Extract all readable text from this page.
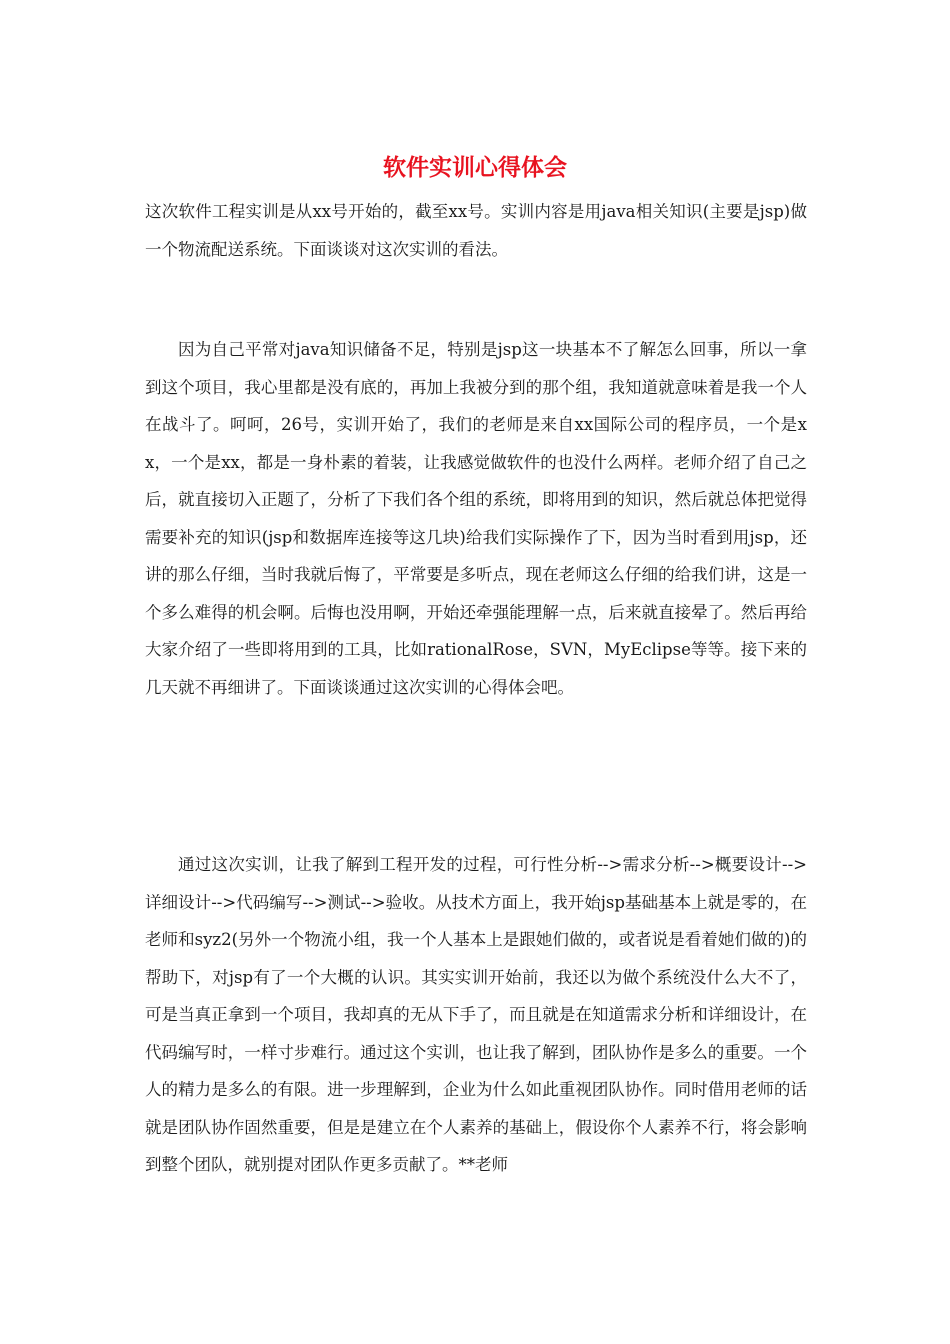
软件实训心得体会

这次软件工程实训是从xx号开始的，截至xx号。实训内容是用java相关知识(主要是jsp)做一个物流配送系统。下面谈谈对这次实训的看法。

因为自己平常对java知识储备不足，特别是jsp这一块基本不了解怎么回事，所以一拿到这个项目，我心里都是没有底的，再加上我被分到的那个组，我知道就意味着是我一个人在战斗了。呵呵，26号，实训开始了，我们的老师是来自xx国际公司的程序员，一个是xx，一个是xx，都是一身朴素的着装，让我感觉做软件的也没什么两样。老师介绍了自己之后，就直接切入正题了，分析了下我们各个组的系统，即将用到的知识，然后就总体把觉得需要补充的知识(jsp和数据库连接等这几块)给我们实际操作了下，因为当时看到用jsp，还讲的那么仔细，当时我就后悔了，平常要是多听点，现在老师这么仔细的给我们讲，这是一个多么难得的机会啊。后悔也没用啊，开始还牵强能理解一点，后来就直接晕了。然后再给大家介绍了一些即将用到的工具，比如rationalRose，SVN，MyEclipse等等。接下来的几天就不再细讲了。下面谈谈通过这次实训的心得体会吧。

通过这次实训，让我了解到工程开发的过程，可行性分析-->需求分析-->概要设计-->详细设计-->代码编写-->测试-->验收。从技术方面上，我开始jsp基础基本上就是零的，在老师和syz2(另外一个物流小组，我一个人基本上是跟她们做的，或者说是看着她们做的)的帮助下，对jsp有了一个大概的认识。其实实训开始前，我还以为做个系统没什么大不了，可是当真正拿到一个项目，我却真的无从下手了，而且就是在知道需求分析和详细设计，在代码编写时，一样寸步难行。通过这个实训，也让我了解到，团队协作是多么的重要。一个人的精力是多么的有限。进一步理解到，企业为什么如此重视团队协作。同时借用老师的话就是团队协作固然重要，但是是建立在个人素养的基础上，假设你个人素养不行，将会影响到整个团队，就别提对团队作更多贡献了。**老师
